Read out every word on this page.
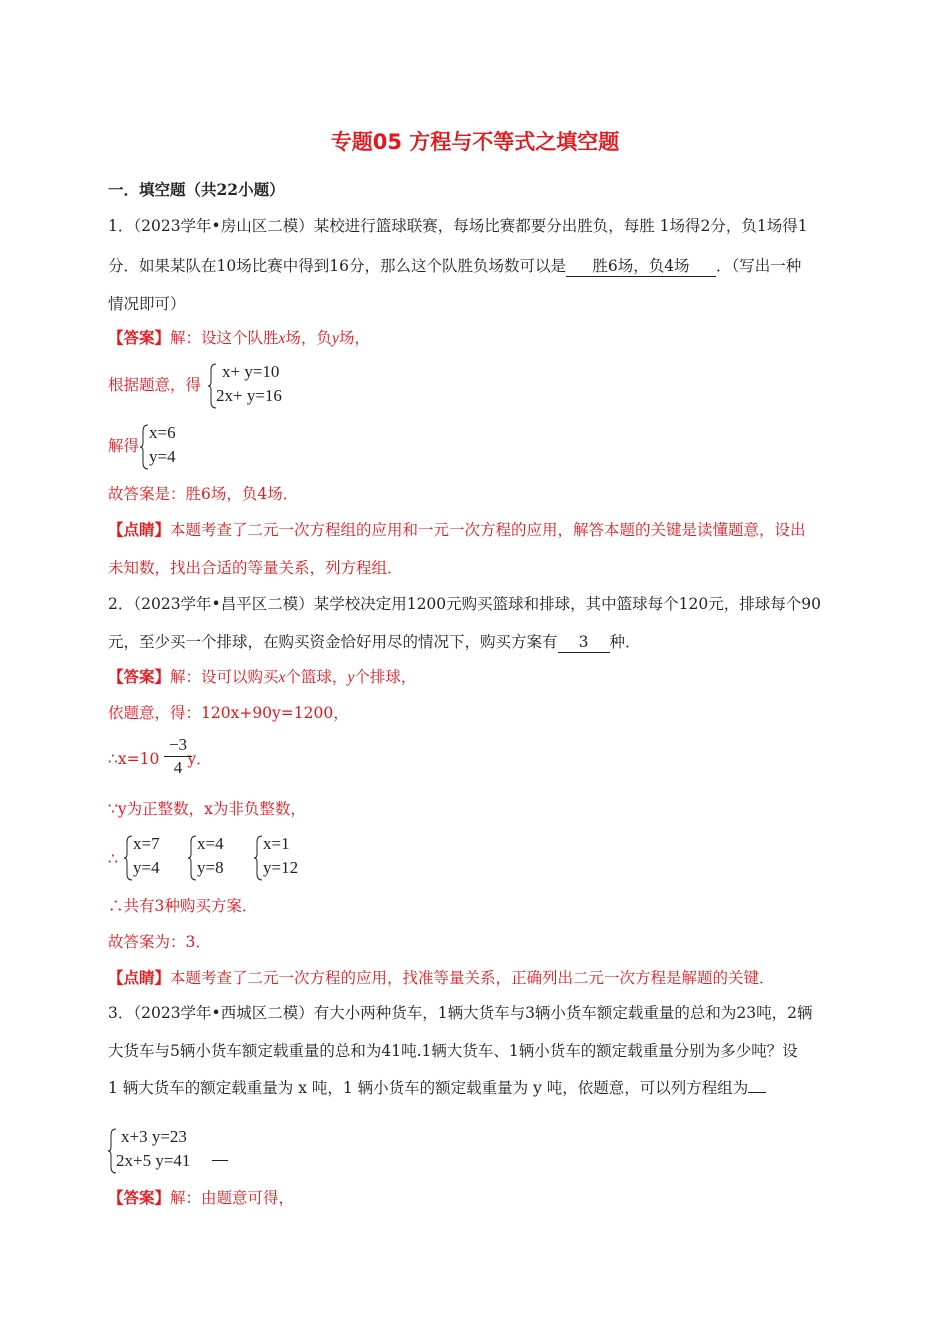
专题05 方程与不等式之填空题
一．填空题（共22小题）
1．（2023学年•房山区二模）某校进行篮球联赛，每场比赛都要分出胜负，每胜 1场得2分，负1场得1
分．如果某队在10场比赛中得到16分，那么这个队胜负场数可以是 胜6场，负4场 ．（写出一种
情况即可）
【答案】解：设这个队胜x场，负y场，
根据题意，得
x+ y=10
2x+ y=16
解得
x=6
y=4
故答案是：胜6场，负4场．
【点睛】本题考查了二元一次方程组的应用和一元一次方程的应用，解答本题的关键是读懂题意，设出
未知数，找出合适的等量关系，列方程组．
2．（2023学年•昌平区二模）某学校决定用1200元购买篮球和排球，其中篮球每个120元，排球每个90
元，至少买一个排球，在购买资金恰好用尽的情况下，购买方案有 3 种．
【答案】解：设可以购买x个篮球，y个排球，
依题意，得：120x+90y=1200，
∴x=10 y．
$\frac{-3}{4}$
∵y为正整数，x为非负整数，
∴
x=7
y=4
x=4
y=8
x=1
y=12
∴共有3种购买方案．
故答案为：3．
【点睛】本题考查了二元一次方程的应用，找准等量关系，正确列出二元一次方程是解题的关键．
3．（2023学年•西城区二模）有大小两种货车，1辆大货车与3辆小货车额定载重量的总和为23吨，2辆
大货车与5辆小货车额定载重量的总和为41吨.1辆大货车、1辆小货车的额定载重量分别为多少吨？设
1 辆大货车的额定载重量为 x 吨，1 辆小货车的额定载重量为 y 吨，依题意，可以列方程组为
x+3 y=23
2x+5 y=41
【答案】解：由题意可得，
